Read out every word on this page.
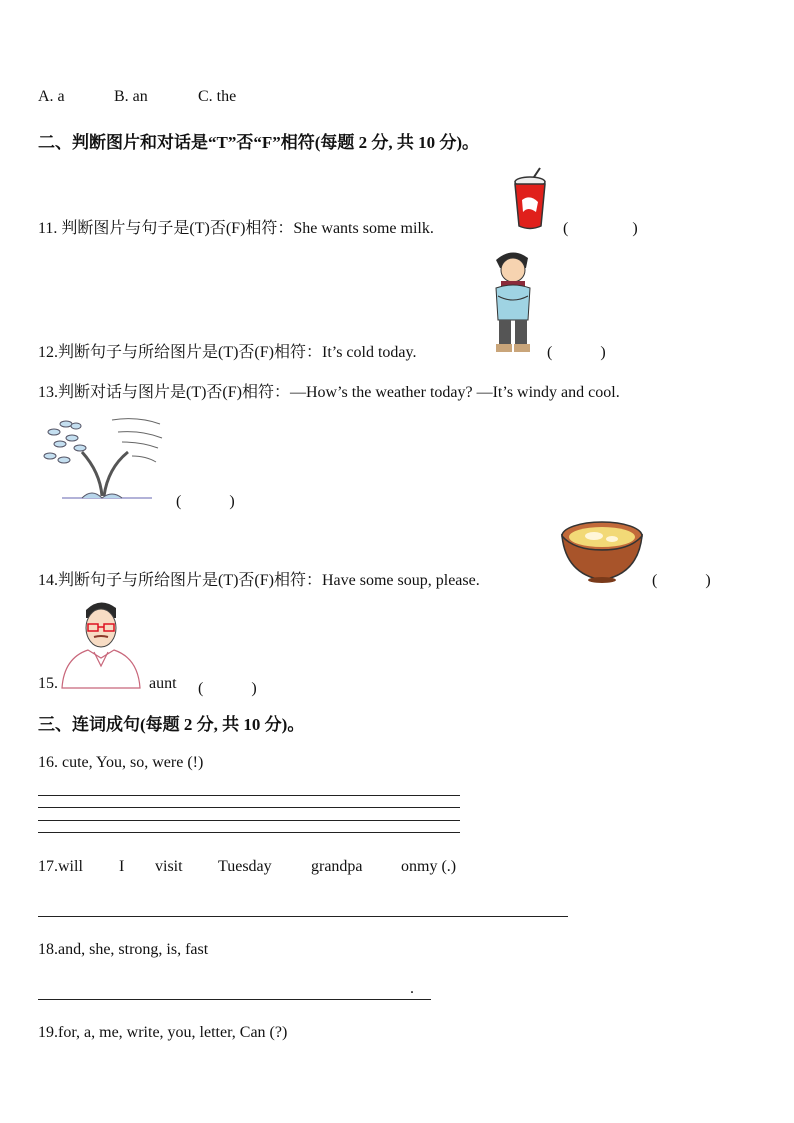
A. a	B. an	C. the
二、判断图片和对话是“T”否“F”相符(每题 2 分, 共 10 分)。
11. 判断图片与句子是(T)否(F)相符：She wants some milk.	(　　　　)
12.判断句子与所给图片是(T)否(F)相符：It’s cold today.	(　　　)
13.判断对话与图片是(T)否(F)相符：—How’s the weather today? —It’s windy and cool.
(　　　)
14.判断句子与所给图片是(T)否(F)相符：Have some soup, please.	(　　　)
15.	aunt (　　　)
三、连词成句(每题 2 分, 共 10 分)。
16. cute, You, so, were (!)
17.will I visit Tuesday grandpa onmy (.)
18.and, she, strong, is, fast
.
19.for, a, me, write, you, letter, Can (?)
